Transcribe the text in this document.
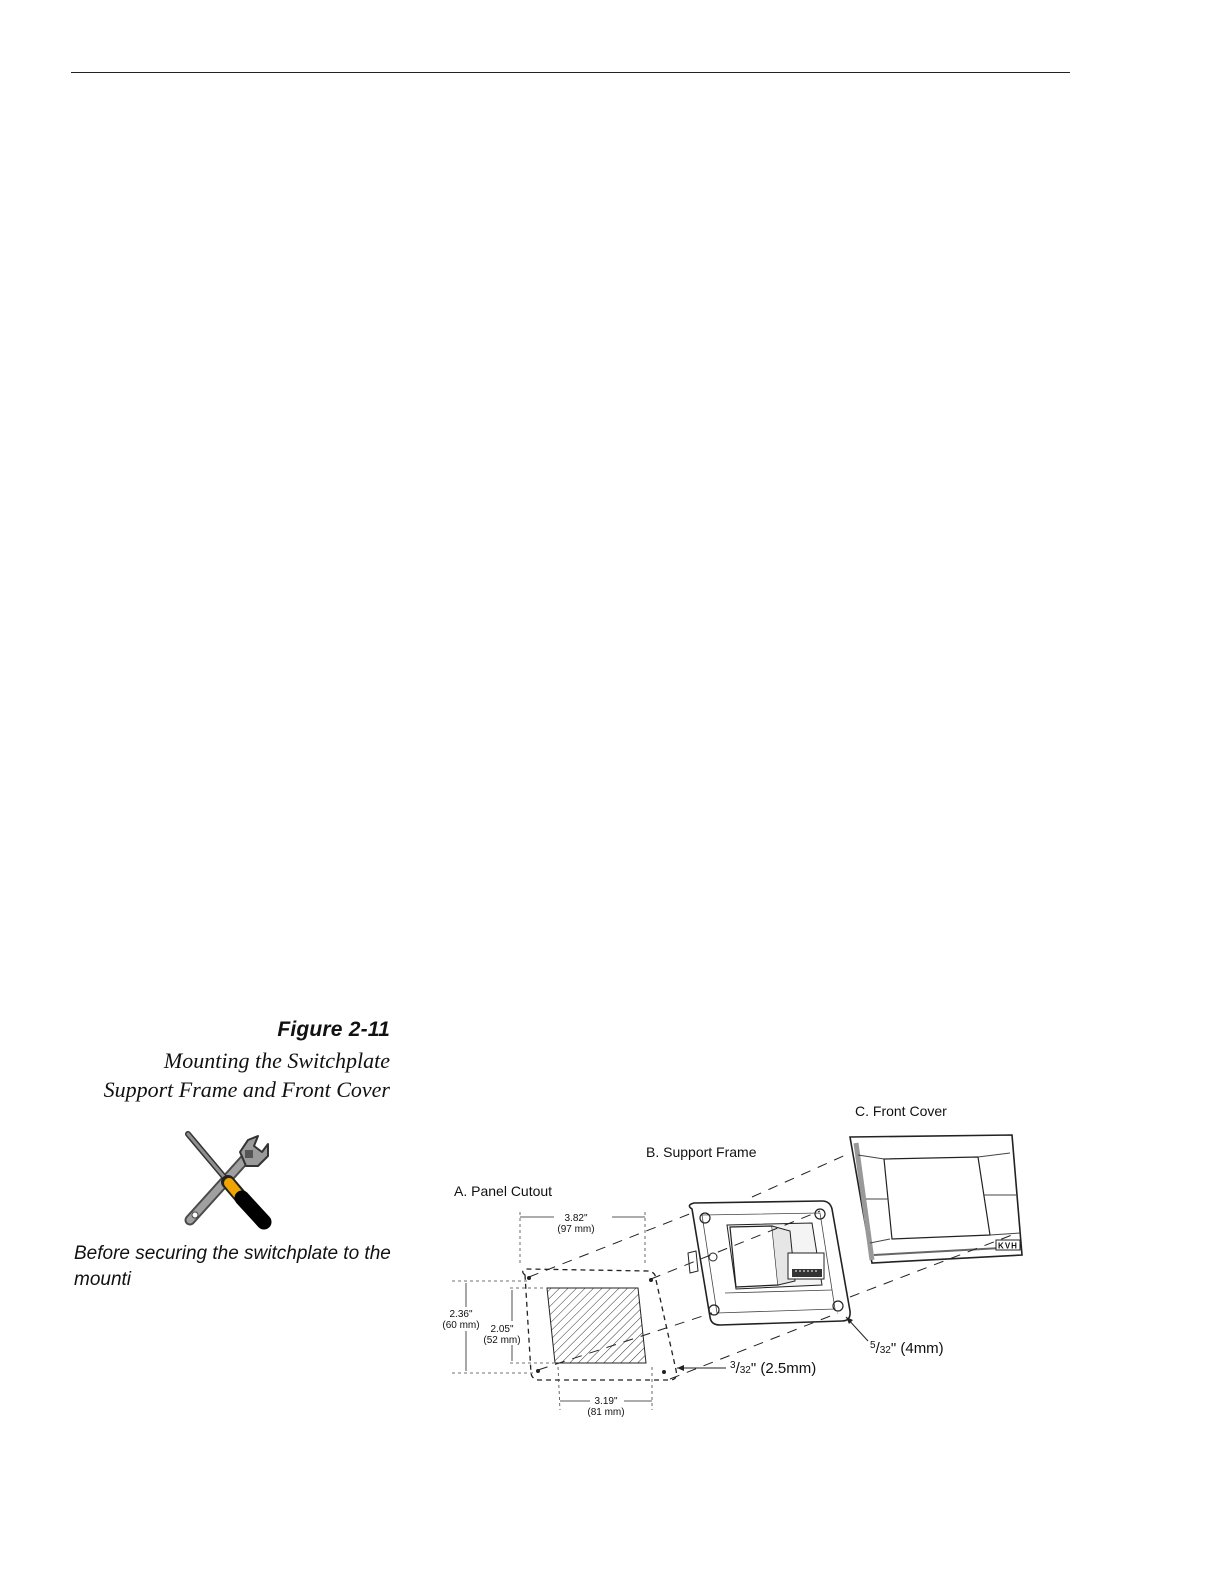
Figure 2-11
Mounting the Switchplate
Support Frame and Front Cover
Before securing the switchplate to the mounti
A. Panel Cutout
B. Support Frame
C. Front Cover
3.82"
(97 mm)
2.36"
(60 mm) 2.05"
(52 mm)
3.19"
(81 mm)
$^3$/32" (2.5mm)
$^5$/32" (4mm)
KVH
